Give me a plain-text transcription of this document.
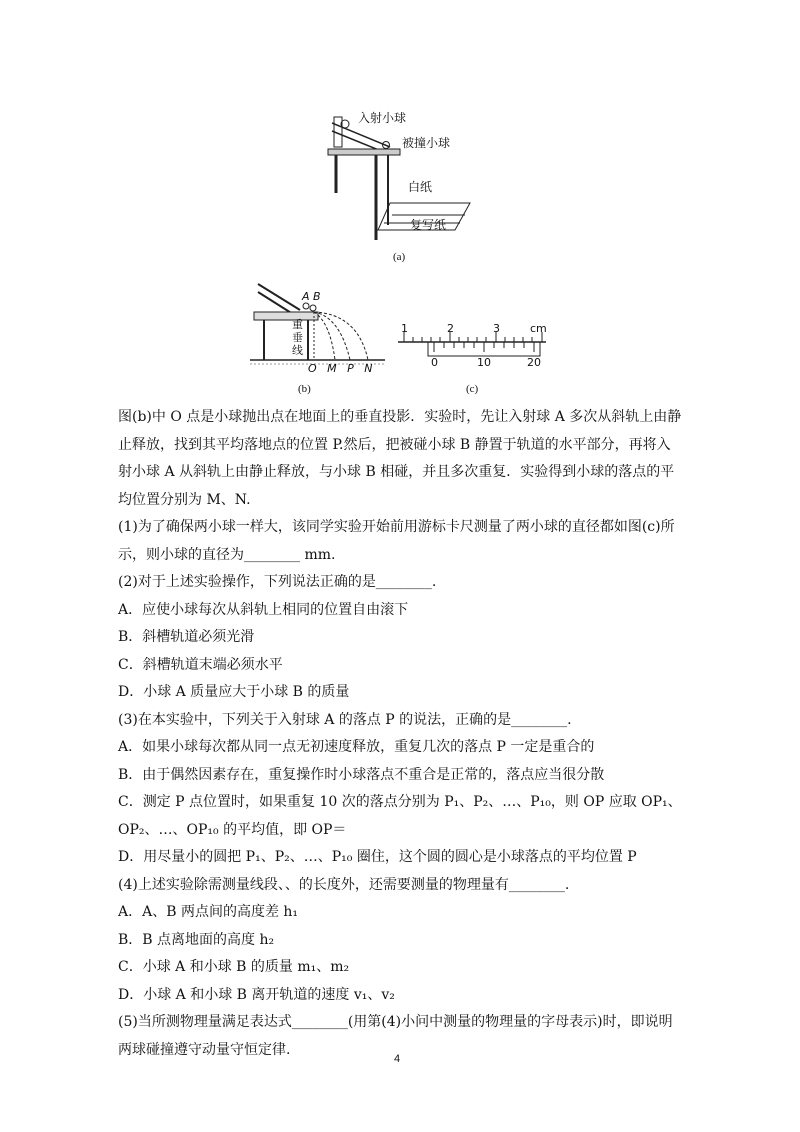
入射小球
被撞小球
白纸
复写纸
(a)
A B
重
垂
线
O   M   P   N
(b)
1	2	3	cm
0	10	20
(c)

图(b)中 O 点是小球抛出点在地面上的垂直投影．实验时，先让入射球 A 多次从斜轨上由静

止释放，找到其平均落地点的位置 P.然后，把被碰小球 B 静置于轨道的水平部分，再将入

射小球 A 从斜轨上由静止释放，与小球 B 相碰，并且多次重复．实验得到小球的落点的平

均位置分别为 M、N.

(1)为了确保两小球一样大，该同学实验开始前用游标卡尺测量了两小球的直径都如图(c)所

示，则小球的直径为________ mm.

(2)对于上述实验操作，下列说法正确的是________.

A．应使小球每次从斜轨上相同的位置自由滚下

B．斜槽轨道必须光滑

C．斜槽轨道末端必须水平

D．小球 A 质量应大于小球 B 的质量

(3)在本实验中，下列关于入射球 A 的落点 P 的说法，正确的是________.

A．如果小球每次都从同一点无初速度释放，重复几次的落点 P 一定是重合的

B．由于偶然因素存在，重复操作时小球落点不重合是正常的，落点应当很分散

C．测定 P 点位置时，如果重复 10 次的落点分别为 P₁、P₂、…、P₁₀，则 OP 应取 OP₁、

OP₂、…、OP₁₀ 的平均值，即 OP＝

D．用尽量小的圆把 P₁、P₂、…、P₁₀ 圈住，这个圆的圆心是小球落点的平均位置 P

(4)上述实验除需测量线段、、的长度外，还需要测量的物理量有________.

A．A、B 两点间的高度差 h₁

B．B 点离地面的高度 h₂

C．小球 A 和小球 B 的质量 m₁、m₂

D．小球 A 和小球 B 离开轨道的速度 v₁、v₂

(5)当所测物理量满足表达式________(用第(4)小问中测量的物理量的字母表示)时，即说明

两球碰撞遵守动量守恒定律.

4
